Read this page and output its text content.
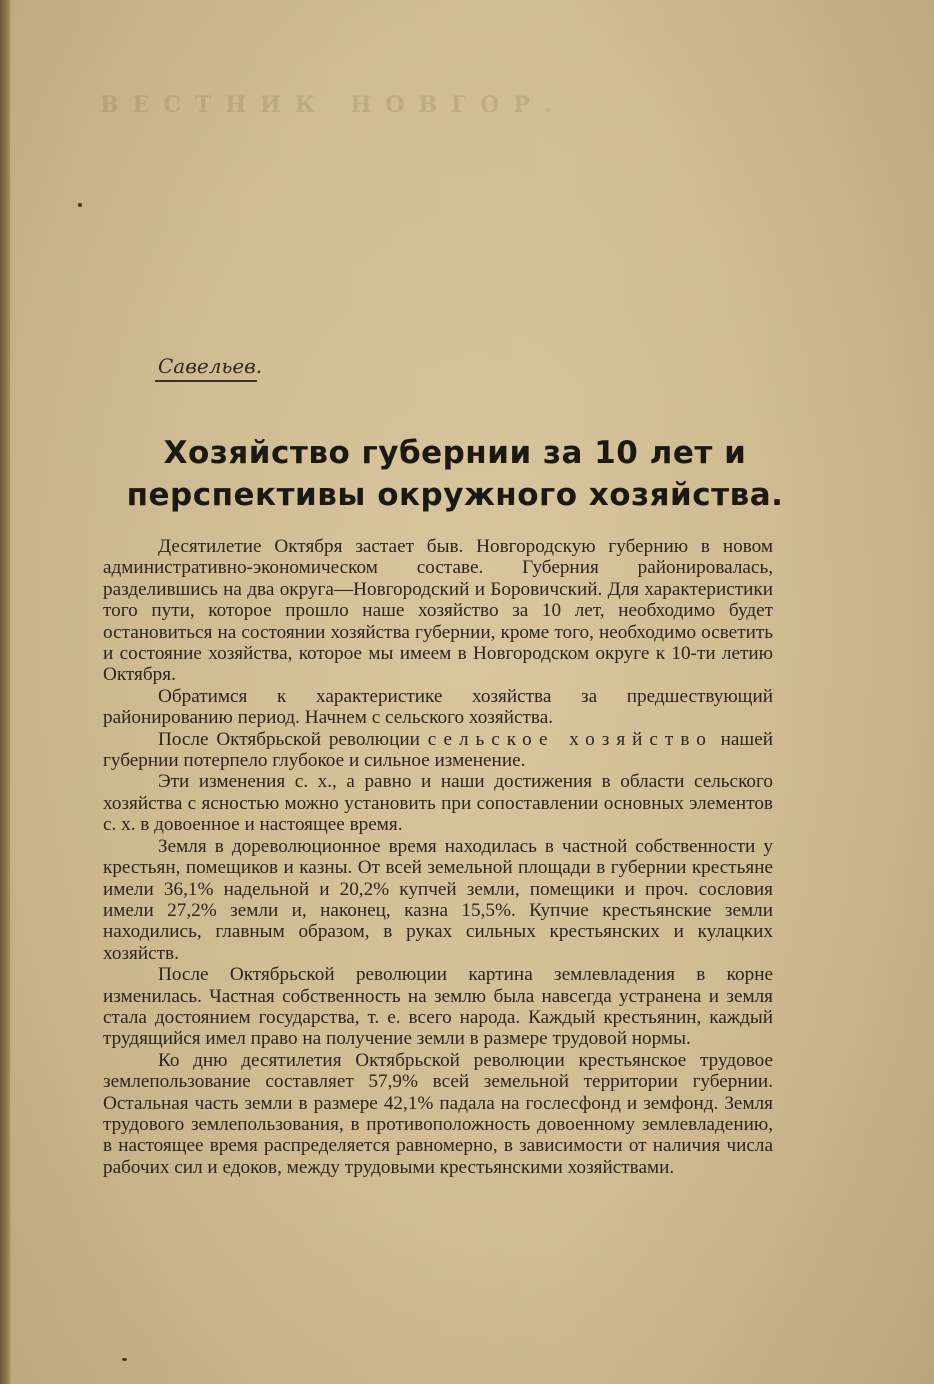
ВЕСТНИК НОВГОР.
Савельев.
Хозяйство губернии за 10 лет и перспективы окружного хозяйства.

Десятилетие Октября застает быв. Новгородскую губернию в новом административно-экономическом составе. Губерния районировалась, разделившись на два округа—Новгородский и Боровичский. Для характеристики того пути, которое прошло наше хозяйство за 10 лет, необходимо будет остановиться на состоянии хозяйства губернии, кроме того, необходимо осветить и состояние хозяйства, которое мы имеем в Новгородском округе к 10-ти летию Октября.

Обратимся к характеристике хозяйства за предшествующий районированию период. Начнем с сельского хозяйства.

После Октябрьской революции сельское хозяйство нашей губернии потерпело глубокое и сильное изменение.

Эти изменения с. х., а равно и наши достижения в области сельского хозяйства с ясностью можно установить при сопоставлении основных элементов с. х. в довоенное и настоящее время.

Земля в дореволюционное время находилась в частной собственности у крестьян, помещиков и казны. От всей земельной площади в губернии крестьяне имели 36,1% надельной и 20,2% купчей земли, помещики и проч. сословия имели 27,2% земли и, наконец, казна 15,5%. Купчие крестьянские земли находились, главным образом, в руках сильных крестьянских и кулацких хозяйств.

После Октябрьской революции картина землевладения в корне изменилась. Частная собственность на землю была навсегда устранена и земля стала достоянием государства, т. е. всего народа. Каждый крестьянин, каждый трудящийся имел право на получение земли в размере трудовой нормы.

Ко дню десятилетия Октябрьской революции крестьянское трудовое землепользование составляет 57,9% всей земельной территории губернии. Остальная часть земли в размере 42,1% падала на гослесфонд и земфонд. Земля трудового землепользования, в противоположность довоенному землевладению, в настоящее время распределяется равномерно, в зависимости от наличия числа рабочих сил и едоков, между трудовыми крестьянскими хозяйствами.
